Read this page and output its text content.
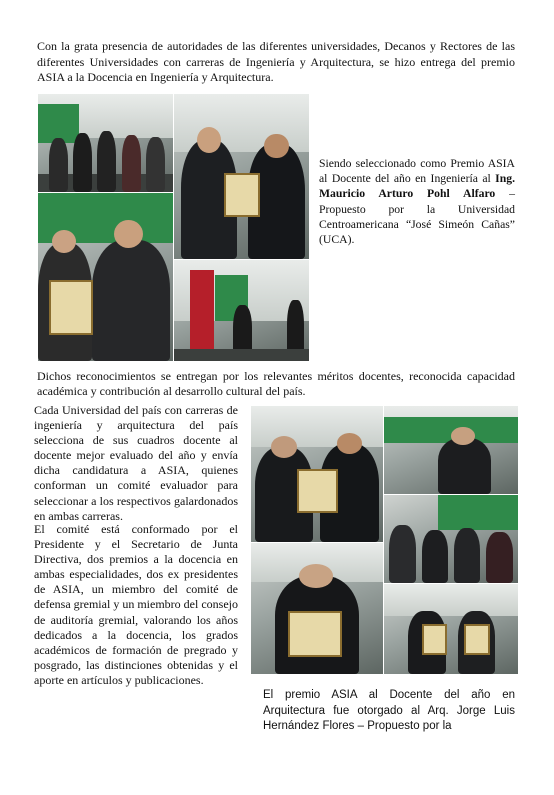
Con la grata presencia de autoridades de las diferentes universidades, Decanos y Rectores de las diferentes Universidades con carreras de Ingeniería y Arquitectura, se hizo entrega del premio ASIA a la Docencia en Ingeniería y Arquitectura.

Siendo seleccionado como Premio ASIA al Docente del año en Ingeniería al Ing. Mauricio Arturo Pohl Alfaro – Propuesto por la Universidad Centroamericana “José Simeón Cañas” (UCA).

Dichos reconocimientos se entregan por los relevantes méritos docentes, reconocida capacidad académica y contribución al desarrollo cultural del país.

Cada Universidad del país con carreras de ingeniería y arquitectura del país selecciona de sus cuadros docente al docente mejor evaluado del año y envía dicha candidatura a ASIA, quienes conforman un comité evaluador para seleccionar a los respectivos galardonados en ambas carreras.

El comité está conformado por el Presidente y el Secretario de Junta Directiva, dos premios a la docencia en ambas especialidades, dos ex presidentes de ASIA, un miembro del comité de defensa gremial y un miembro del consejo de auditoría gremial, valorando los años dedicados a la docencia, los grados académicos de formación de pregrado y posgrado, las distinciones obtenidas y el aporte en artículos y publicaciones.

El premio ASIA al Docente del año en Arquitectura fue otorgado al Arq. Jorge Luis Hernández Flores – Propuesto por la
